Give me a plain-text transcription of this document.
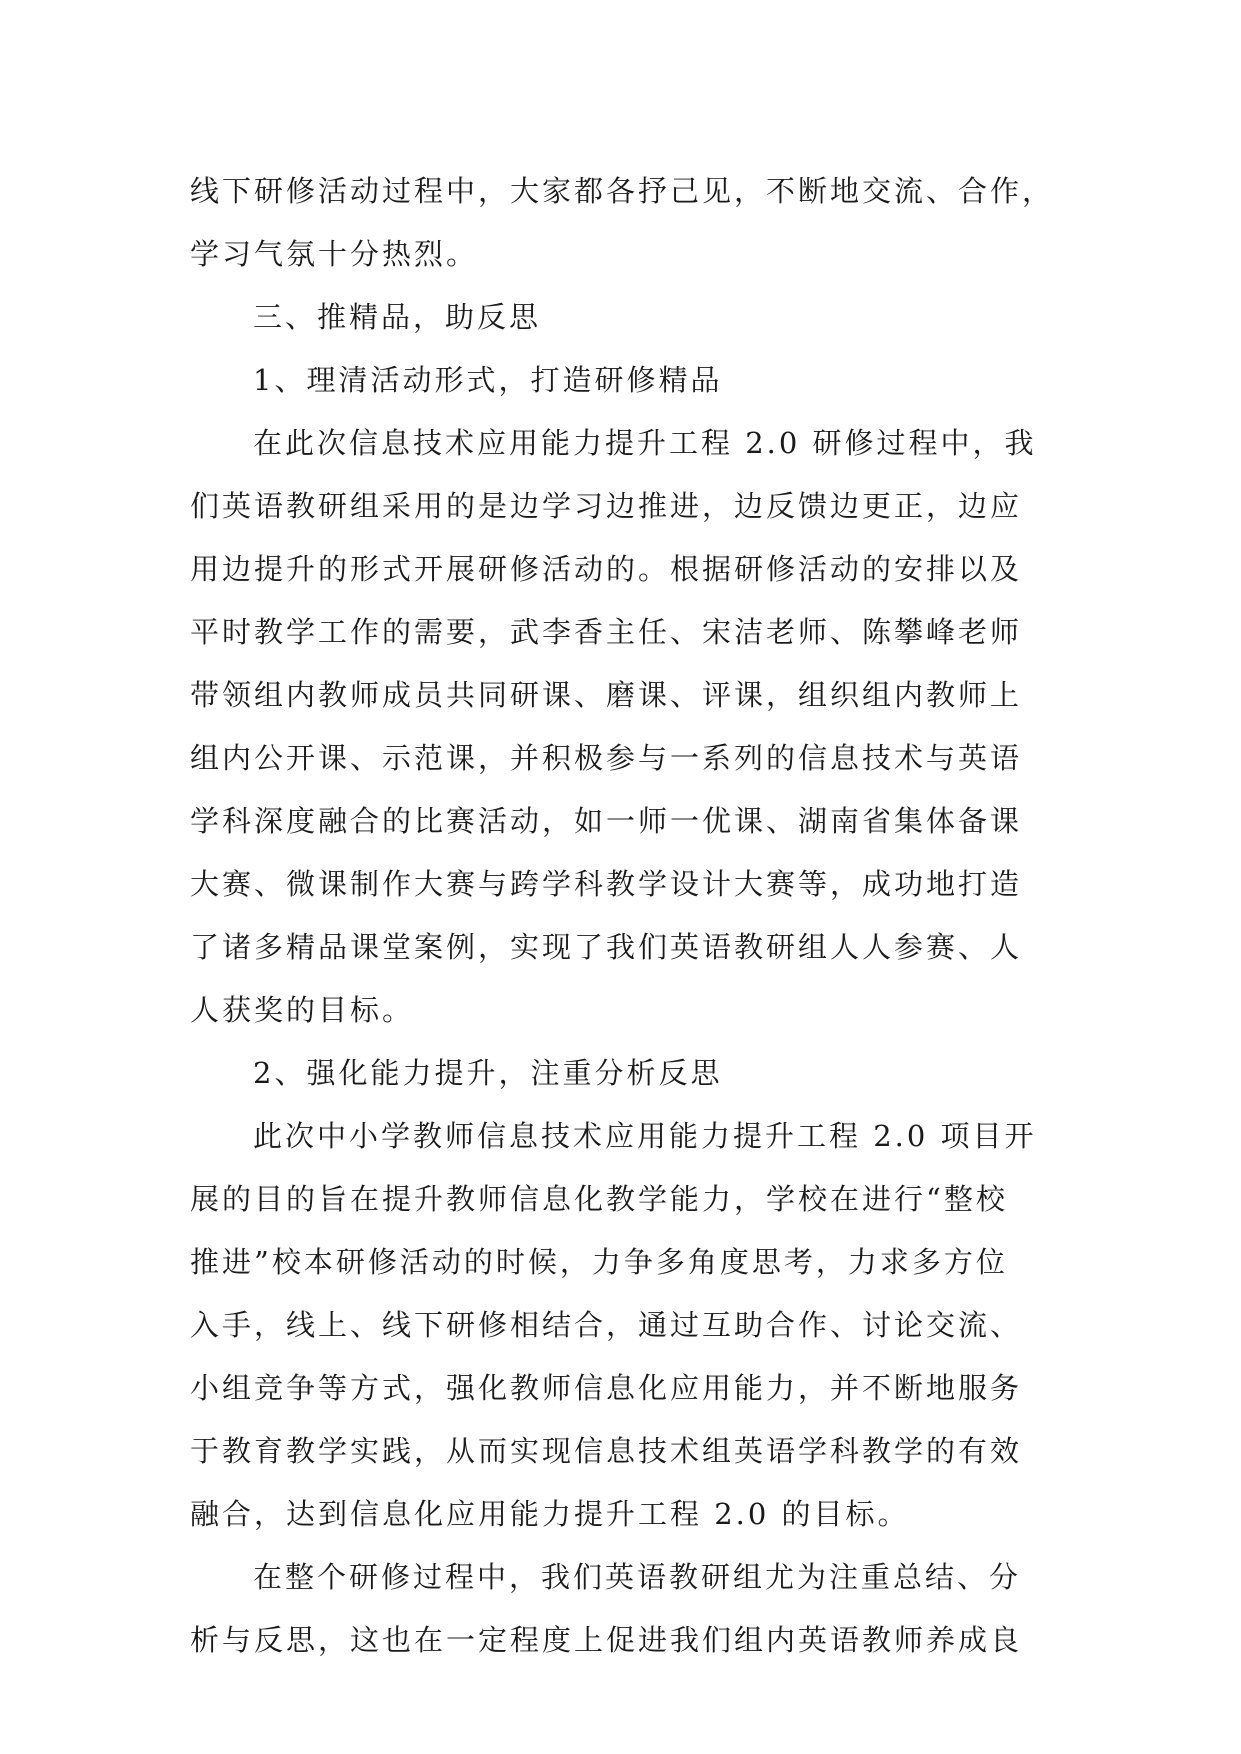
线下研修活动过程中，大家都各抒己见，不断地交流、合作，
学习气氛十分热烈。
三、推精品，助反思
1、理清活动形式，打造研修精品
在此次信息技术应用能力提升工程 2.0 研修过程中，我
们英语教研组采用的是边学习边推进，边反馈边更正，边应
用边提升的形式开展研修活动的。根据研修活动的安排以及
平时教学工作的需要，武李香主任、宋洁老师、陈攀峰老师
带领组内教师成员共同研课、磨课、评课，组织组内教师上
组内公开课、示范课，并积极参与一系列的信息技术与英语
学科深度融合的比赛活动，如一师一优课、湖南省集体备课
大赛、微课制作大赛与跨学科教学设计大赛等，成功地打造
了诸多精品课堂案例，实现了我们英语教研组人人参赛、人
人获奖的目标。
2、强化能力提升，注重分析反思
此次中小学教师信息技术应用能力提升工程 2.0 项目开
展的目的旨在提升教师信息化教学能力，学校在进行“整校
推进”校本研修活动的时候，力争多角度思考，力求多方位
入手，线上、线下研修相结合，通过互助合作、讨论交流、
小组竞争等方式，强化教师信息化应用能力，并不断地服务
于教育教学实践，从而实现信息技术组英语学科教学的有效
融合，达到信息化应用能力提升工程 2.0 的目标。
在整个研修过程中，我们英语教研组尤为注重总结、分
析与反思，这也在一定程度上促进我们组内英语教师养成良
